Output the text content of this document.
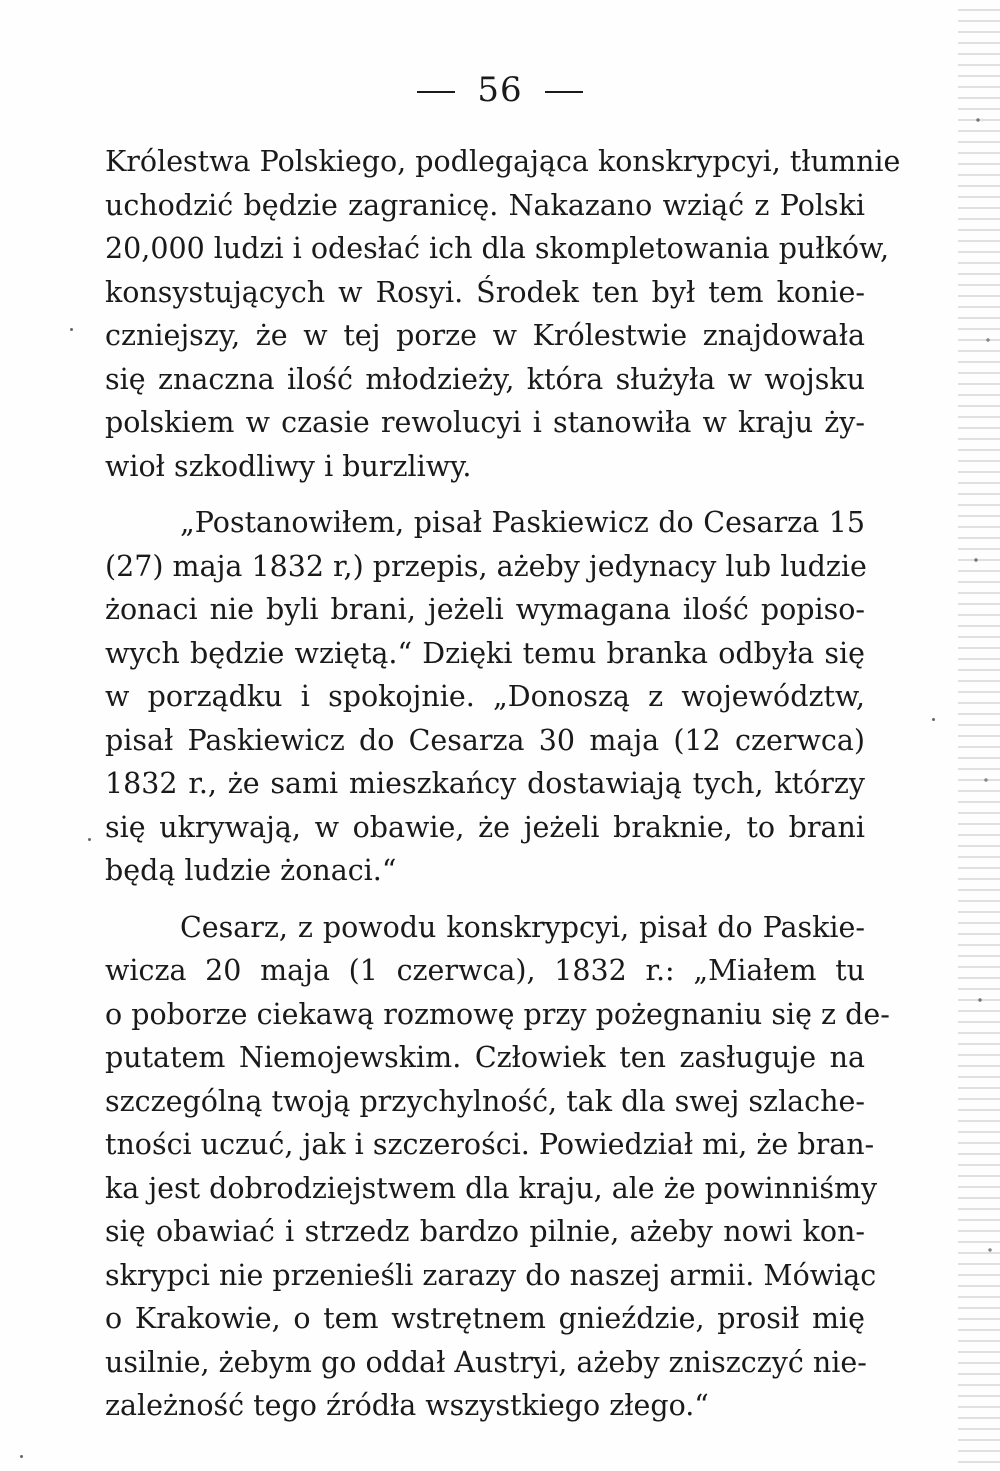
56
Królestwa Polskiego, podlegająca konskrypcyi, tłumnie
uchodzić będzie zagranicę. Nakazano wziąć z Polski
20,000 ludzi i odesłać ich dla skompletowania pułków,
konsystujących w Rosyi. Środek ten był tem konie-
czniejszy, że w tej porze w Królestwie znajdowała
się znaczna ilość młodzieży, która służyła w wojsku
polskiem w czasie rewolucyi i stanowiła w kraju ży-
wioł szkodliwy i burzliwy.
„Postanowiłem, pisał Paskiewicz do Cesarza 15
(27) maja 1832 r,) przepis, ażeby jedynacy lub ludzie
żonaci nie byli brani, jeżeli wymagana ilość popiso-
wych będzie wziętą.“ Dzięki temu branka odbyła się
w porządku i spokojnie. „Donoszą z województw,
pisał Paskiewicz do Cesarza 30 maja (12 czerwca)
1832 r., że sami mieszkańcy dostawiają tych, którzy
się ukrywają, w obawie, że jeżeli braknie, to brani
będą ludzie żonaci.“
Cesarz, z powodu konskrypcyi, pisał do Paskie-
wicza 20 maja (1 czerwca), 1832 r.: „Miałem tu
o poborze ciekawą rozmowę przy pożegnaniu się z de-
putatem Niemojewskim. Człowiek ten zasługuje na
szczególną twoją przychylność, tak dla swej szlache-
tności uczuć, jak i szczerości. Powiedział mi, że bran-
ka jest dobrodziejstwem dla kraju, ale że powinniśmy
się obawiać i strzedz bardzo pilnie, ażeby nowi kon-
skrypci nie przenieśli zarazy do naszej armii. Mówiąc
o Krakowie, o tem wstrętnem gnieździe, prosił mię
usilnie, żebym go oddał Austryi, ażeby zniszczyć nie-
zależność tego źródła wszystkiego złego.“
